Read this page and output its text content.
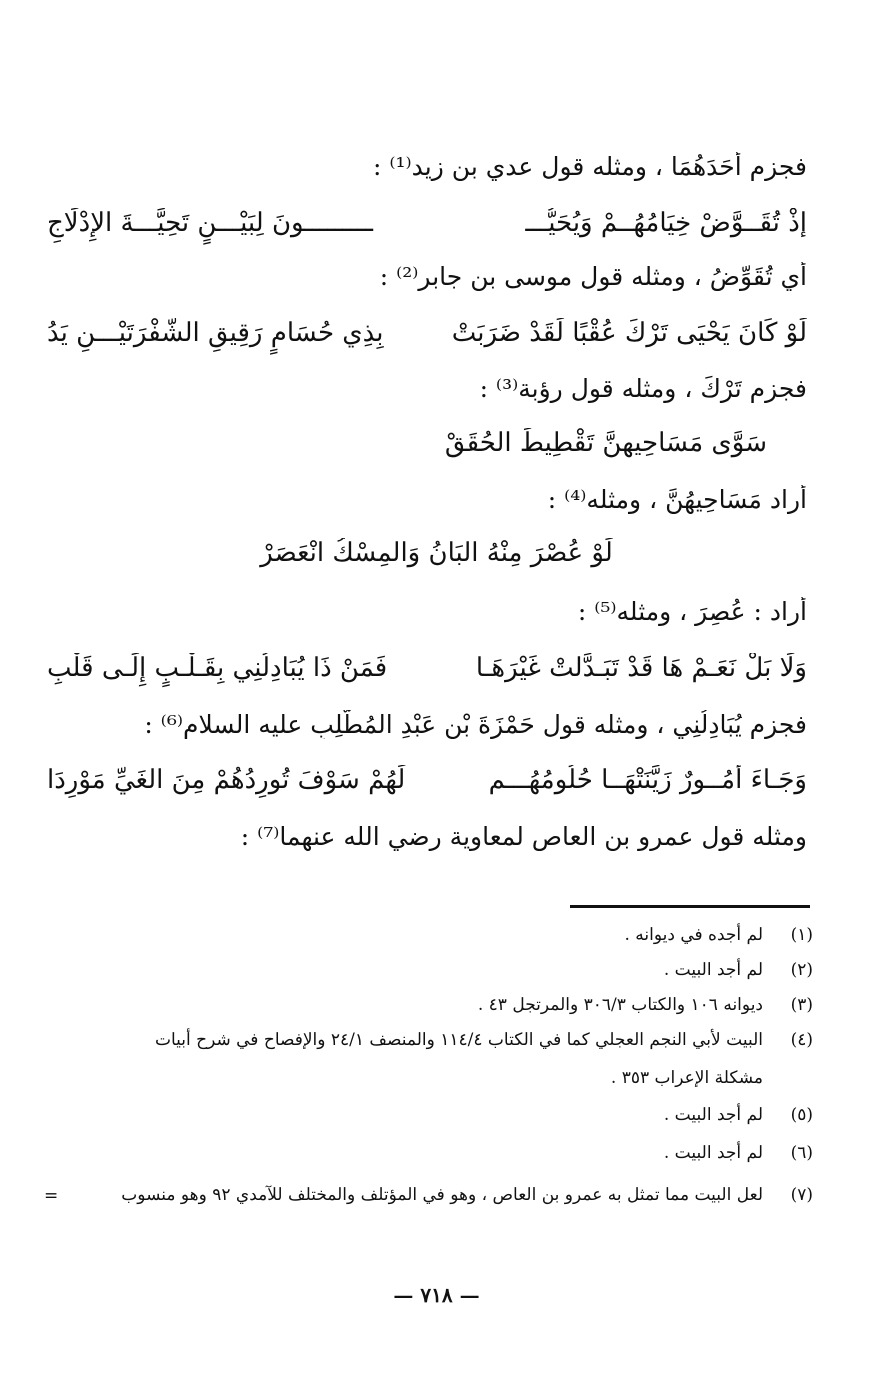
فجزم أَحَدَهُمَا ، ومثله قول عدي بن زيد⁽¹⁾ :
إذْ تُقَــوَّضْ خِيَامُهُــمْ وَيُحَيُّـــ
ـــــــــونَ لِبَيْـــنٍ تَحِيَّـــةَ الإِدْلَاجِ
أي تُقَوِّضُ ، ومثله قول موسى بن جابر⁽²⁾ :
لَوْ كَانَ يَحْيَى تَرْكَ عُقْبًا لَقَدْ ضَرَبَتْ
بِذِي حُسَامٍ رَقِيقِ الشَّفْرَتَيْـــنِ يَدُ
فجزم تَرْكَ ، ومثله قول رؤبة⁽³⁾ :
سَوَّى مَسَاحِيهِنَّ تَقْطِيطَ الحُقَقْ
أراد مَسَاحِيهُنَّ ، ومثله⁽⁴⁾ :
لَوْ عُصْرَ مِنْهُ البَانُ وَالمِسْكُ انْعَصَرْ
أراد : عُصِرَ ، ومثله⁽⁵⁾ :
وَلَا بَلْ نَعَـمْ هَا قَدْ تَبَـدَّلتْ غَيْرَهَـا
فَمَنْ ذَا يُبَادِلُنِي بِقَـلْـبٍ إِلَـى قَلْبِ
فجزم يُبَادِلُنِي ، ومثله قول حَمْزَةَ بْنِ عَبْدِ المُطَّلِبِ عليه السلام⁽⁶⁾ :
وَجَـاءَ أُمُــورٌ زَيَّنَتْهَــا حُلُومُهُـــم
لَهُمْ سَوْفَ تُورِدُهُمْ مِنَ الغَيِّ مَوْرِدَا
ومثله قول عمرو بن العاص لمعاوية رضي الله عنهما⁽⁷⁾ :
(١)
لم أجده في ديوانه .
(٢)
لم أجد البيت .
(٣)
ديوانه ١٠٦ والكتاب ٣٠٦/٣ والمرتجل ٤٣ .
(٤)
البيت لأبي النجم العجلي كما في الكتاب ١١٤/٤ والمنصف ٢٤/١ والإفصاح في شرح أبيات
مشكلة الإعراب ٣٥٣ .
(٥)
لم أجد البيت .
(٦)
لم أجد البيت .
(٧)
لعل البيت مما تمثل به عمرو بن العاص ، وهو في المؤتلف والمختلف للآمدي ٩٢ وهو منسوب
=
— ٧١٨ —
